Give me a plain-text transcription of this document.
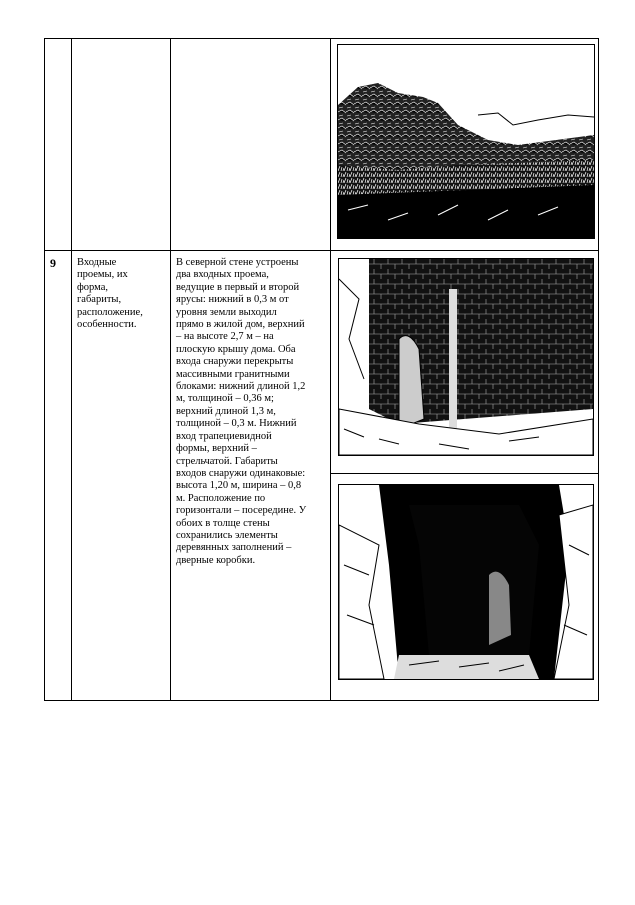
9 Входные
проемы, их
форма,
габариты,
расположение,
особенности.
В северной стене устроены
два входных проема,
ведущие в первый и второй
ярусы: нижний в 0,3 м от
уровня земли выходил
прямо в жилой дом, верхний
– на высоте 2,7 м – на
плоскую крышу дома. Оба
входа снаружи перекрыты
массивными гранитными
блоками: нижний длиной 1,2
м, толщиной – 0,36 м;
верхний длиной 1,3 м,
толщиной – 0,3 м. Нижний
вход трапециевидной
формы, верхний –
стрельчатой. Габариты
входов снаружи одинаковые:
высота 1,20 м, ширина – 0,8
м. Расположение по
горизонтали – посередине. У
обоих в толще стены
сохранились элементы
деревянных заполнений –
дверные коробки.
